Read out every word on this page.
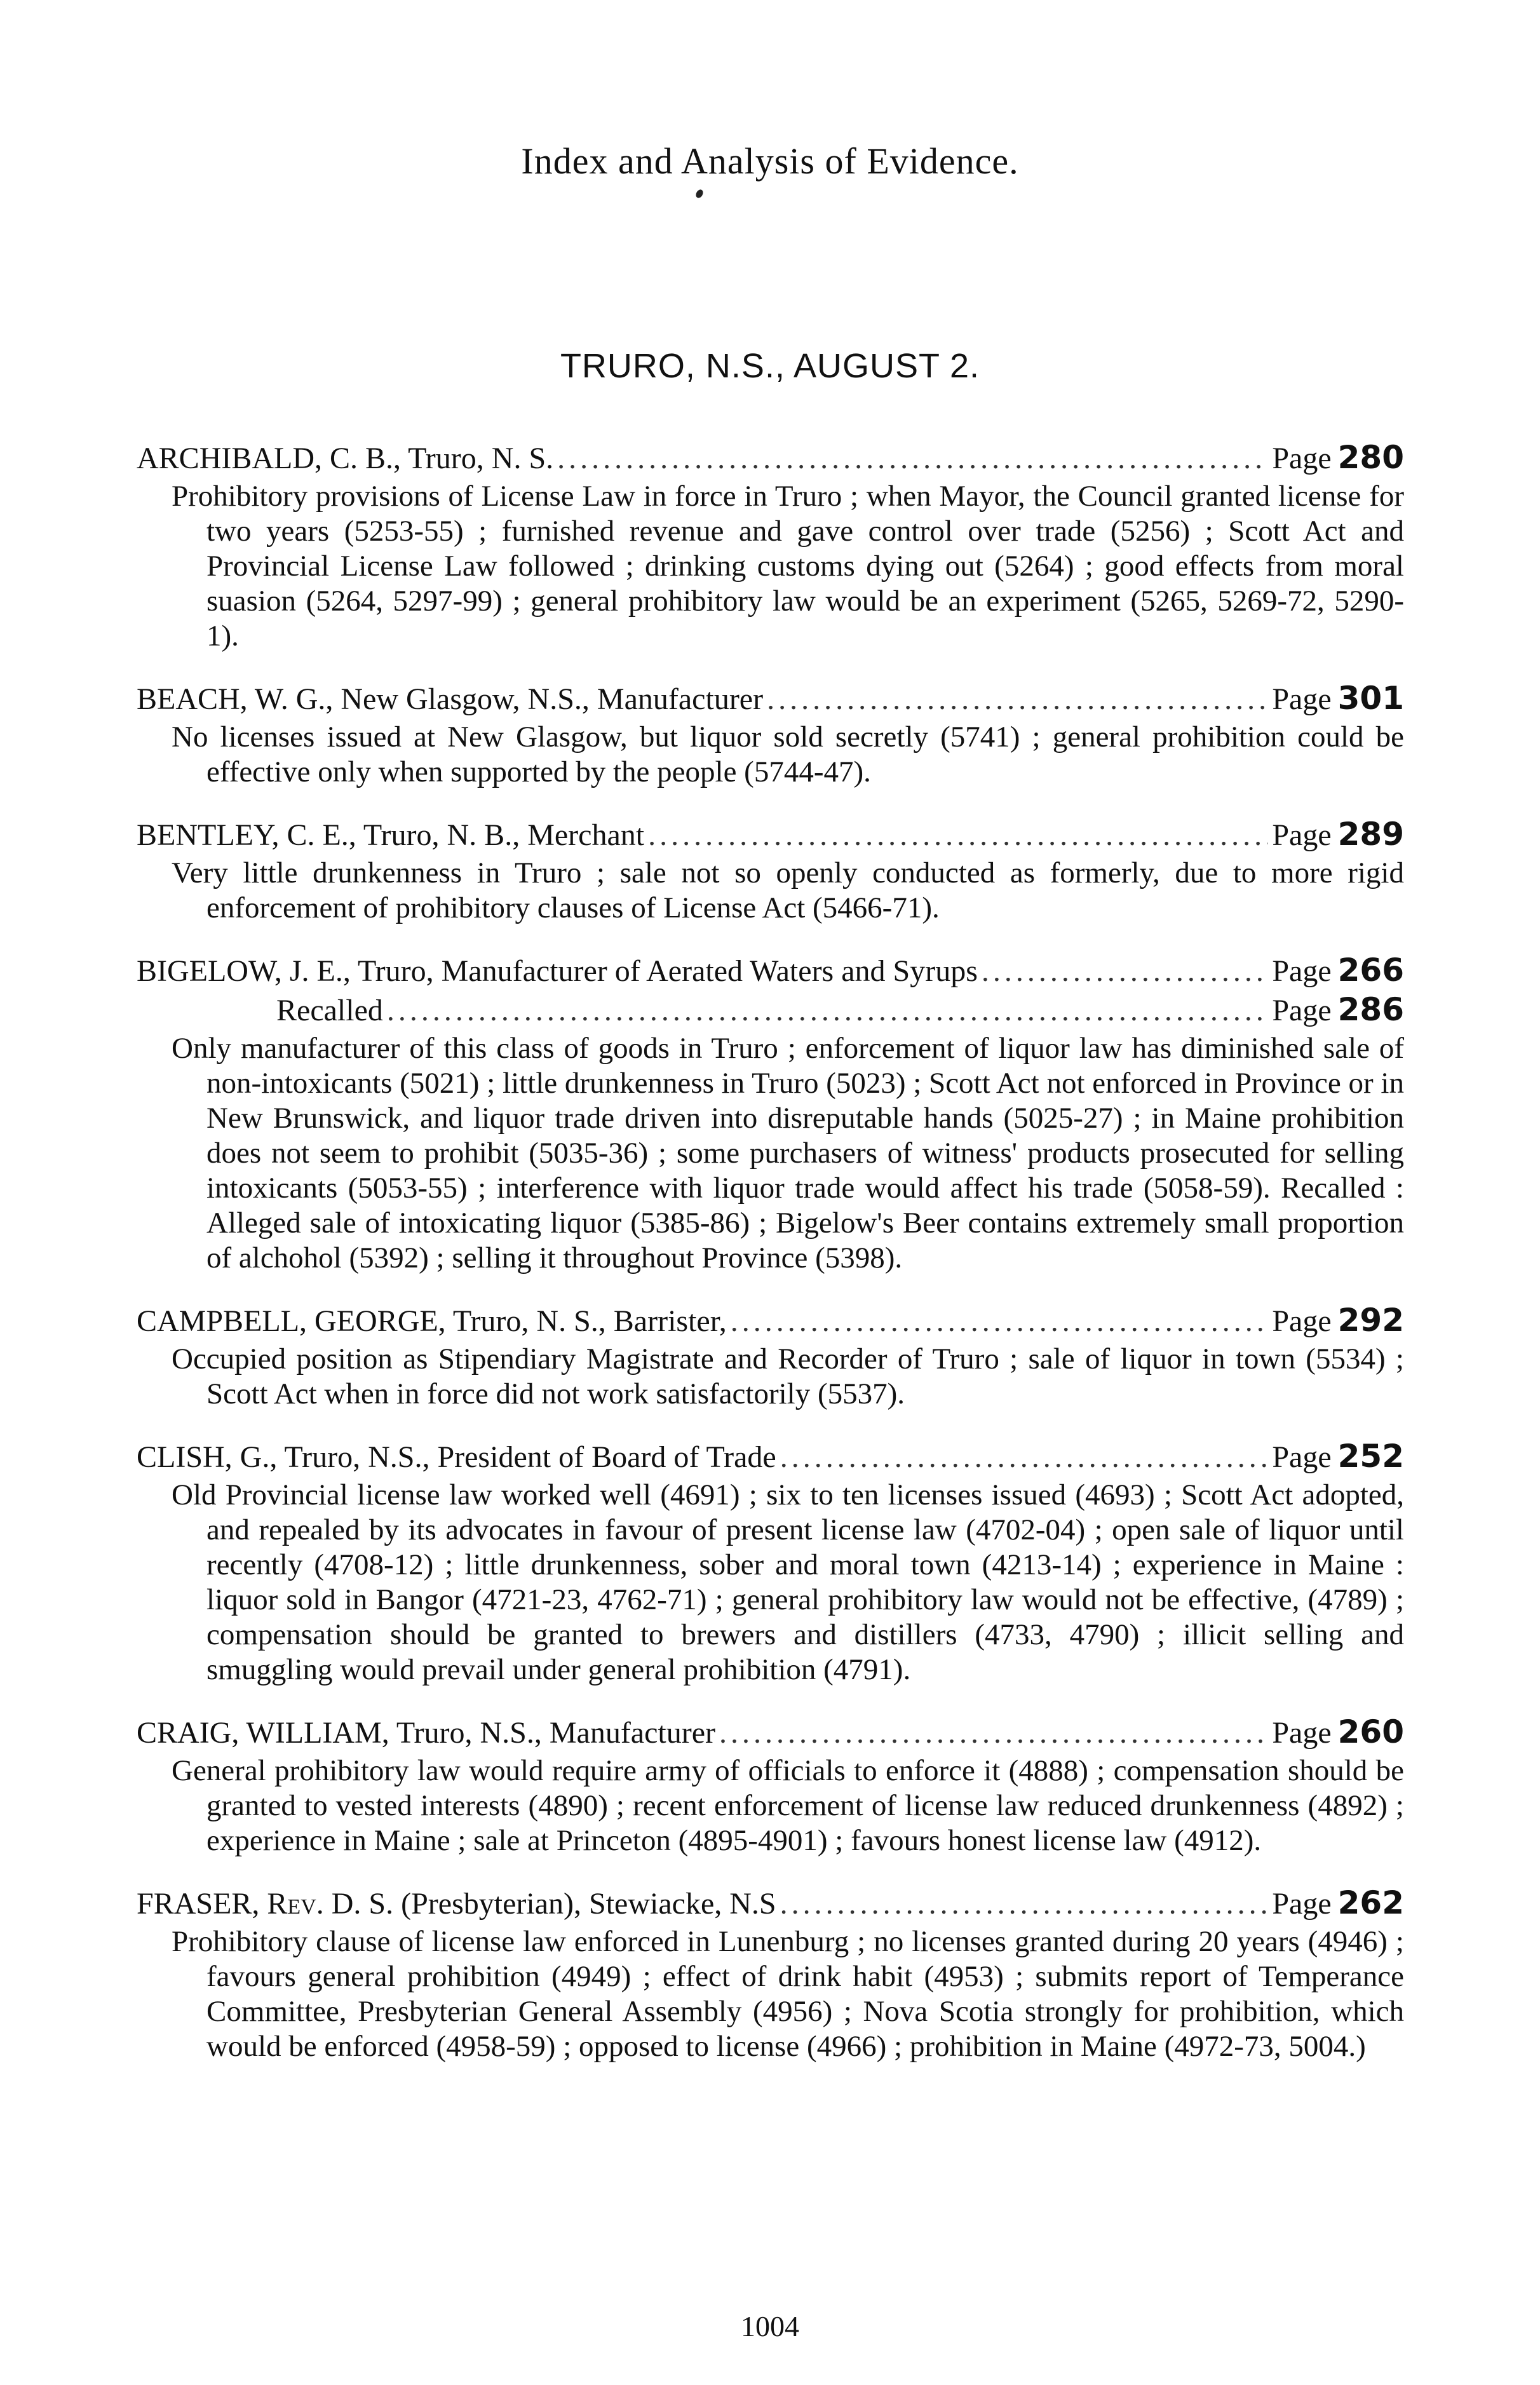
Index and Analysis of Evidence.
TRURO, N.S., AUGUST 2.
ARCHIBALD, C. B., Truro, N. S. .....	Page 280
Prohibitory provisions of License Law in force in Truro ; when Mayor, the Council granted license for two years (5253-55) ; furnished revenue and gave control over trade (5256) ; Scott Act and Provincial License Law followed ; drinking customs dying out (5264) ; good effects from moral suasion (5264, 5297-99) ; general prohibitory law would be an experiment (5265, 5269-72, 5290-1).
BEACH, W. G., New Glasgow, N.S., Manufacturer .....	Page 301
No licenses issued at New Glasgow, but liquor sold secretly (5741) ; general prohibition could be effective only when supported by the people (5744-47).
BENTLEY, C. E., Truro, N. B., Merchant .....	Page 289
Very little drunkenness in Truro ; sale not so openly conducted as formerly, due to more rigid enforcement of prohibitory clauses of License Act (5466-71).
BIGELOW, J. E., Truro, Manufacturer of Aerated Waters and Syrups .....	Page 266
Recalled .....	Page 286
Only manufacturer of this class of goods in Truro ; enforcement of liquor law has diminished sale of non-intoxicants (5021) ; little drunkenness in Truro (5023) ; Scott Act not enforced in Province or in New Brunswick, and liquor trade driven into disreputable hands (5025-27) ; in Maine prohibition does not seem to prohibit (5035-36) ; some purchasers of witness' products prosecuted for selling intoxicants (5053-55) ; interference with liquor trade would affect his trade (5058-59). Recalled : Alleged sale of intoxicating liquor (5385-86) ; Bigelow's Beer contains extremely small proportion of alchohol (5392) ; selling it throughout Province (5398).
CAMPBELL, GEORGE, Truro, N. S., Barrister, .....	Page 292
Occupied position as Stipendiary Magistrate and Recorder of Truro ; sale of liquor in town (5534) ; Scott Act when in force did not work satisfactorily (5537).
CLISH, G., Truro, N.S., President of Board of Trade .....	Page 252
Old Provincial license law worked well (4691) ; six to ten licenses issued (4693) ; Scott Act adopted, and repealed by its advocates in favour of present license law (4702-04) ; open sale of liquor until recently (4708-12) ; little drunkenness, sober and moral town (4213-14) ; experience in Maine : liquor sold in Bangor (4721-23, 4762-71) ; general prohibitory law would not be effective, (4789) ; compensation should be granted to brewers and distillers (4733, 4790) ; illicit selling and smuggling would prevail under general prohibition (4791).
CRAIG, WILLIAM, Truro, N.S., Manufacturer .....	Page 260
General prohibitory law would require army of officials to enforce it (4888) ; compensation should be granted to vested interests (4890) ; recent enforcement of license law reduced drunkenness (4892) ; experience in Maine ; sale at Princeton (4895-4901) ; favours honest license law (4912).
FRASER, Rev. D. S. (Presbyterian), Stewiacke, N.S .....	Page 262
Prohibitory clause of license law enforced in Lunenburg ; no licenses granted during 20 years (4946) ; favours general prohibition (4949) ; effect of drink habit (4953) ; submits report of Temperance Committee, Presbyterian General Assembly (4956) ; Nova Scotia strongly for prohibition, which would be enforced (4958-59) ; opposed to license (4966) ; prohibition in Maine (4972-73, 5004.)
1004
